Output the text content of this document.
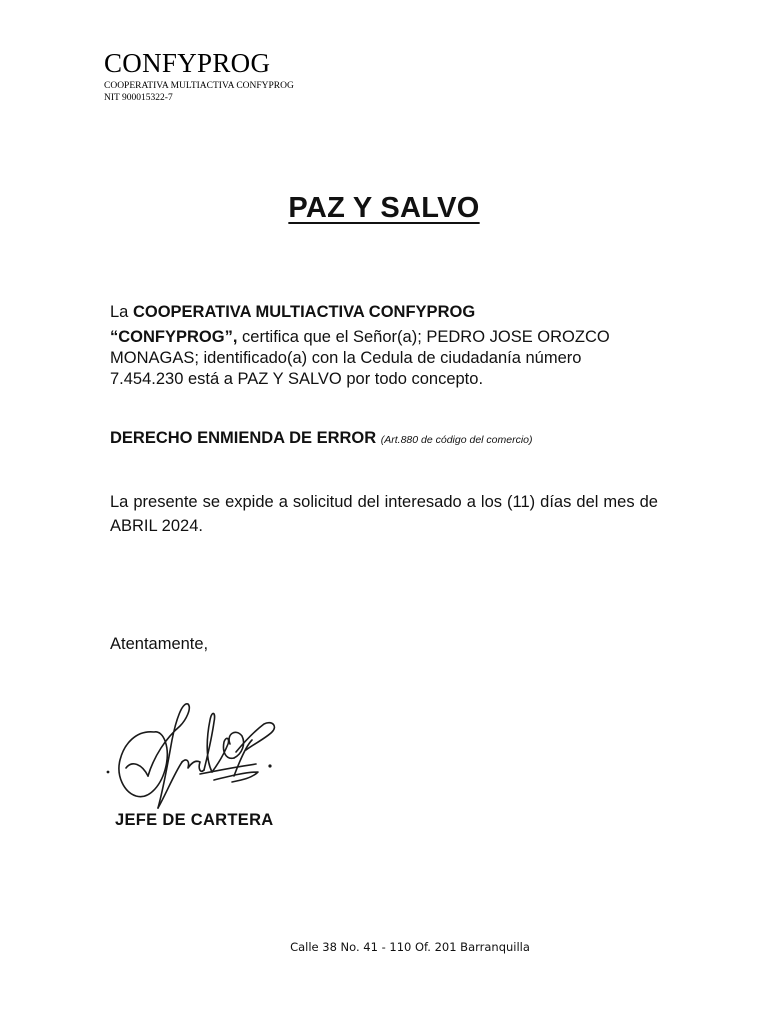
CONFYPROG
COOPERATIVA MULTIACTIVA CONFYPROG
NIT 900015322-7
PAZ Y SALVO
La COOPERATIVA MULTIACTIVA CONFYPROG
“CONFYPROG”, certifica que el Señor(a); PEDRO JOSE OROZCO MONAGAS; identificado(a) con la Cedula de ciudadanía número 7.454.230 está a PAZ Y SALVO por todo concepto.
DERECHO ENMIENDA DE ERROR (Art.880 de código del comercio)
La presente se expide a solicitud del interesado a los (11) días del mes de ABRIL 2024.
Atentamente,
JEFE DE CARTERA
Calle 38 No. 41 - 110 Of. 201 Barranquilla
